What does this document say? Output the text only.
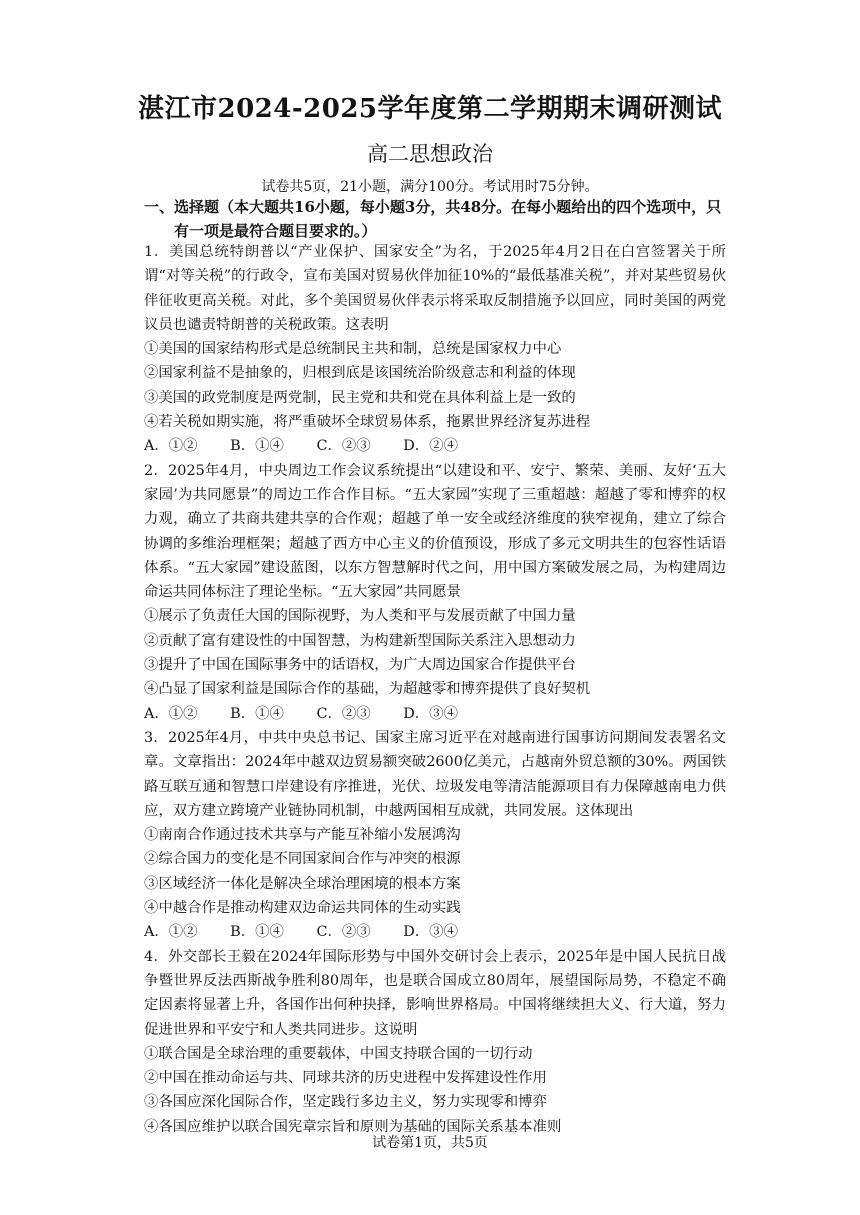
湛江市2024-2025学年度第二学期期末调研测试
高二思想政治
试卷共5页，21小题，满分100分。考试用时75分钟。
一、选择题（本大题共16小题，每小题3分，共48分。在每小题给出的四个选项中，只
有一项是最符合题目要求的。）

1．美国总统特朗普以“产业保护、国家安全”为名，于2025年4月2日在白宫签署关于所谓“对等关税”的行政令，宣布美国对贸易伙伴加征10%的“最低基准关税”，并对某些贸易伙伴征收更高关税。对此，多个美国贸易伙伴表示将采取反制措施予以回应，同时美国的两党议员也谴责特朗普的关税政策。这表明

①美国的国家结构形式是总统制民主共和制，总统是国家权力中心

②国家利益不是抽象的，归根到底是该国统治阶级意志和利益的体现

③美国的政党制度是两党制，民主党和共和党在具体利益上是一致的

④若关税如期实施，将严重破坏全球贸易体系，拖累世界经济复苏进程

A．①② B．①④ C．②③ D．②④

2．2025年4月，中央周边工作会议系统提出“以建设和平、安宁、繁荣、美丽、友好‘五大家园’为共同愿景”的周边工作合作目标。“五大家园”实现了三重超越：超越了零和博弈的权力观，确立了共商共建共享的合作观；超越了单一安全或经济维度的狭窄视角，建立了综合协调的多维治理框架；超越了西方中心主义的价值预设，形成了多元文明共生的包容性话语体系。“五大家园”建设蓝图，以东方智慧解时代之问，用中国方案破发展之局，为构建周边命运共同体标注了理论坐标。“五大家园”共同愿景

①展示了负责任大国的国际视野，为人类和平与发展贡献了中国力量

②贡献了富有建设性的中国智慧，为构建新型国际关系注入思想动力

③提升了中国在国际事务中的话语权，为广大周边国家合作提供平台

④凸显了国家利益是国际合作的基础，为超越零和博弈提供了良好契机

A．①② B．①④ C．②③ D．③④

3．2025年4月，中共中央总书记、国家主席习近平在对越南进行国事访问期间发表署名文章。文章指出：2024年中越双边贸易额突破2600亿美元，占越南外贸总额的30%。两国铁路互联互通和智慧口岸建设有序推进，光伏、垃圾发电等清洁能源项目有力保障越南电力供应，双方建立跨境产业链协同机制，中越两国相互成就，共同发展。这体现出

①南南合作通过技术共享与产能互补缩小发展鸿沟

②综合国力的变化是不同国家间合作与冲突的根源

③区域经济一体化是解决全球治理困境的根本方案

④中越合作是推动构建双边命运共同体的生动实践

A．①② B．①④ C．②③ D．③④

4．外交部长王毅在2024年国际形势与中国外交研讨会上表示，2025年是中国人民抗日战争暨世界反法西斯战争胜利80周年，也是联合国成立80周年，展望国际局势，不稳定不确定因素将显著上升，各国作出何种抉择，影响世界格局。中国将继续担大义、行大道，努力促进世界和平安宁和人类共同进步。这说明

①联合国是全球治理的重要载体，中国支持联合国的一切行动

②中国在推动命运与共、同球共济的历史进程中发挥建设性作用

③各国应深化国际合作，坚定践行多边主义，努力实现零和博弈

④各国应维护以联合国宪章宗旨和原则为基础的国际关系基本准则

试卷第1页，共5页
